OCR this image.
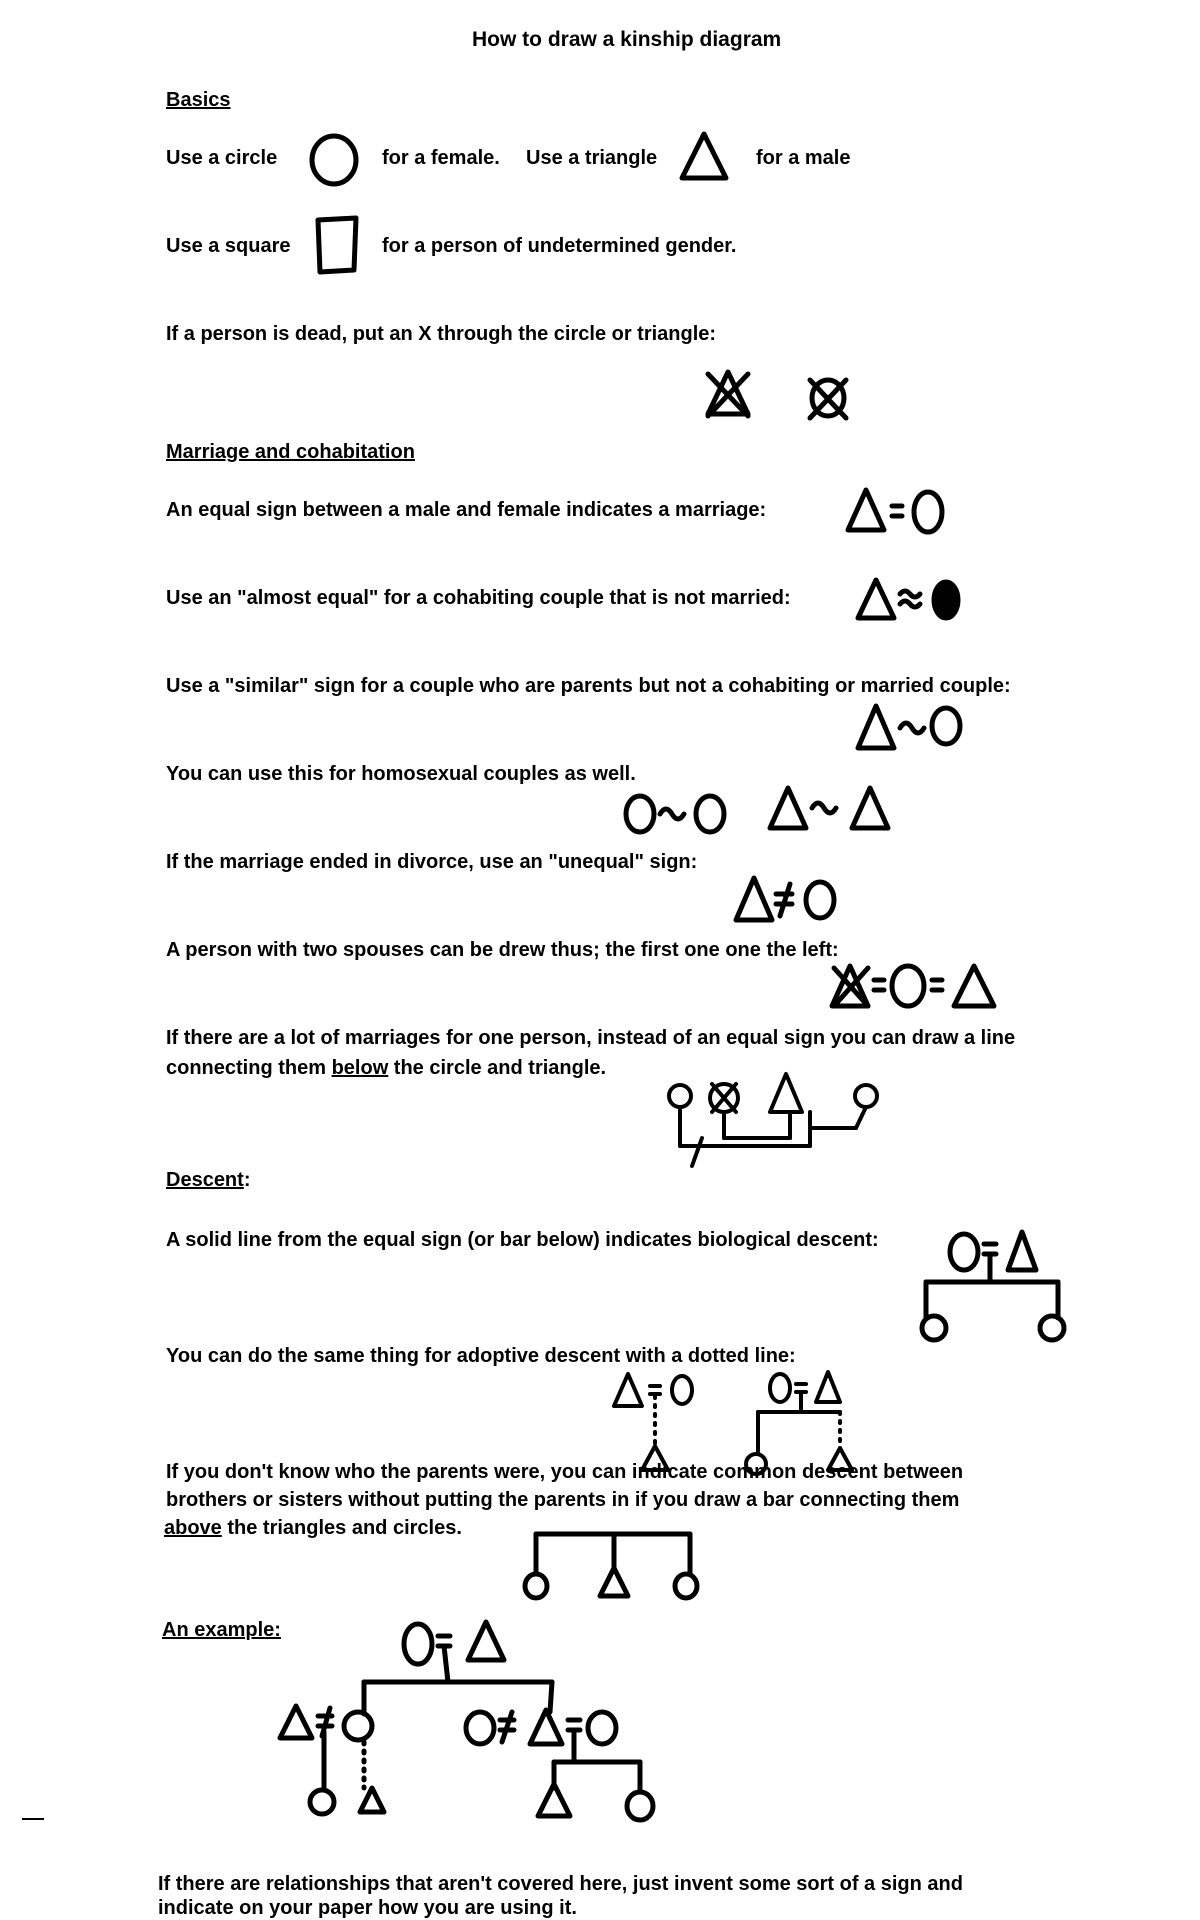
How to draw a kinship diagram
Basics
Use a circle	for a female. Use a triangle	for a male
Use a square	for a person of undetermined gender.
If a person is dead, put an X through the circle or triangle:
Marriage and cohabitation
An equal sign between a male and female indicates a marriage:
Use an "almost equal" for a cohabiting couple that is not married:
Use a "similar" sign for a couple who are parents but not a cohabiting or married couple:
You can use this for homosexual couples as well.
If the marriage ended in divorce, use an "unequal" sign:
A person with two spouses can be drew thus; the first one one the left:
If there are a lot of marriages for one person, instead of an equal sign you can draw a line
connecting them below the circle and triangle.
Descent:
A solid line from the equal sign (or bar below) indicates biological descent:
You can do the same thing for adoptive descent with a dotted line:
If you don't know who the parents were, you can indicate common descent between
brothers or sisters without putting the parents in if you draw a bar connecting them
above the triangles and circles.
An example:
If there are relationships that aren't covered here, just invent some sort of a sign and
indicate on your paper how you are using it.
